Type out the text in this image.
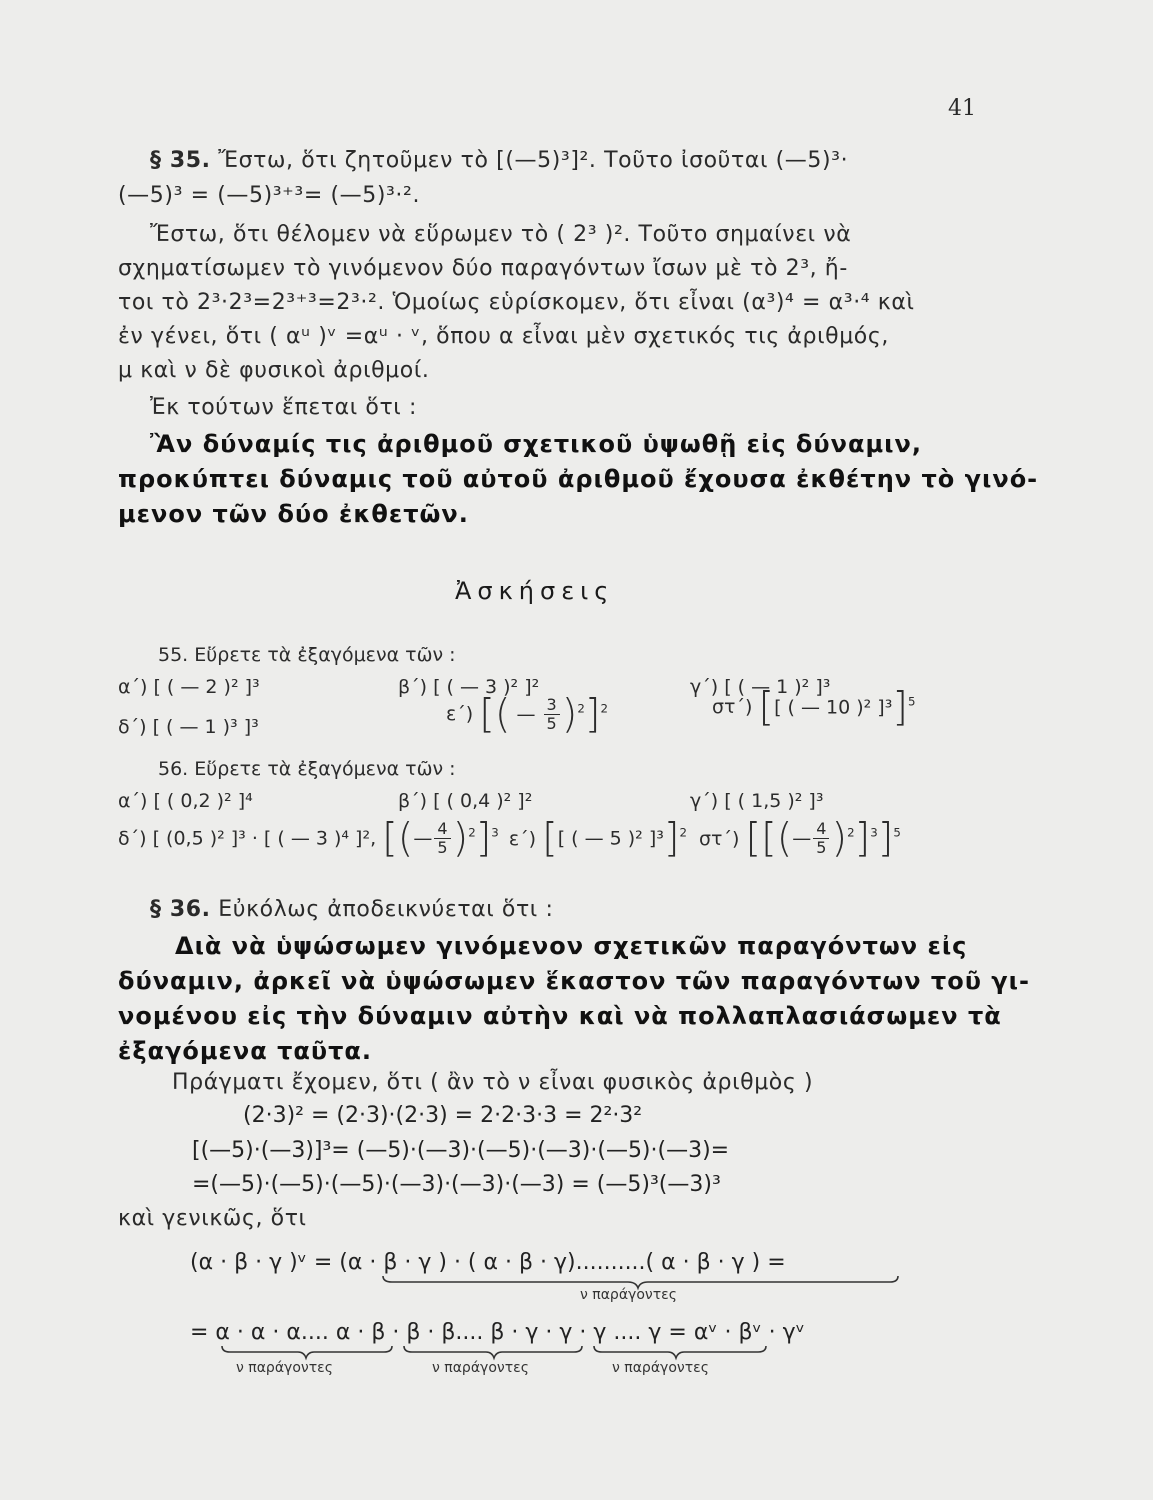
41
§ 35. Ἔστω, ὅτι ζητοῦμεν τὸ [(—5)³]². Τοῦτο ἰσοῦται (—5)³·
(—5)³ = (—5)³⁺³= (—5)³·².
Ἔστω, ὅτι θέλομεν νὰ εὕρωμεν τὸ ( 2³ )². Τοῦτο σημαίνει νὰ
σχηματίσωμεν τὸ γινόμενον δύο παραγόντων ἴσων μὲ τὸ 2³, ἤ-
τοι τὸ 2³·2³=2³⁺³=2³·². Ὁμοίως εὑρίσκομεν, ὅτι εἶναι (α³)⁴ = α³·⁴ καὶ
ἐν γένει, ὅτι ( αᵘ )ᵛ =αᵘ · ᵛ, ὅπου α εἶναι μὲν σχετικός τις ἀριθμός,
μ καὶ ν δὲ φυσικοὶ ἀριθμοί.
Ἐκ τούτων ἕπεται ὅτι :
Ἂν δύναμίς τις ἀριθμοῦ σχετικοῦ ὑψωθῇ εἰς δύναμιν,
προκύπτει δύναμις τοῦ αὐτοῦ ἀριθμοῦ ἔχουσα ἐκθέτην τὸ γινό-
μενον τῶν δύο ἐκθετῶν.
Ἀσκήσεις
55. Εὕρετε τὰ ἐξαγόμενα τῶν :
α΄) [ ( — 2 )² ]³	β΄) [ ( — 3 )² ]²	γ΄) [ ( — 1 )² ]³
δ΄) [ ( — 1 )³ ]³
ε΄) [( — $\frac{3}{5} )^2]^2$	στ΄) [[ ( — 10 )² ]³]$^5$
56. Εὕρετε τὰ ἐξαγόμενα τῶν :
α΄) [ ( 0,2 )² ]⁴	β΄) [ ( 0,4 )² ]²	γ΄) [ ( 1,5 )² ]³
δ΄) [ (0,5 )² ]³ · [ ( — 3 )⁴ ]², [(— $\frac{4}{5} )^2]^3$ ε΄) [[ ( — 5 )² ]³]$^2$ στ΄) [[(— $\frac{4}{5} )^2]^3]^5$
§ 36. Εὐκόλως ἀποδεικνύεται ὅτι :
Διὰ νὰ ὑψώσωμεν γινόμενον σχετικῶν παραγόντων εἰς
δύναμιν, ἀρκεῖ νὰ ὑψώσωμεν ἕκαστον τῶν παραγόντων τοῦ γι-
νομένου εἰς τὴν δύναμιν αὐτὴν καὶ νὰ πολλαπλασιάσωμεν τὰ
ἐξαγόμενα ταῦτα.
Πράγματι ἔχομεν, ὅτι ( ἂν τὸ ν εἶναι φυσικὸς ἀριθμὸς )
(2·3)² = (2·3)·(2·3) = 2·2·3·3 = 2²·3²
[(—5)·(—3)]³= (—5)·(—3)·(—5)·(—3)·(—5)·(—3)=
=(—5)·(—5)·(—5)·(—3)·(—3)·(—3) = (—5)³(—3)³
καὶ γενικῶς, ὅτι
(α · β · γ )ᵛ = (α · β · γ ) · ( α · β · γ)..........( α · β · γ ) =
ν παράγοντες
= α · α · α.... α · β · β · β.... β · γ · γ · γ .... γ = αᵛ · βᵛ · γᵛ
ν παράγοντες	ν παράγοντες	ν παράγοντες
